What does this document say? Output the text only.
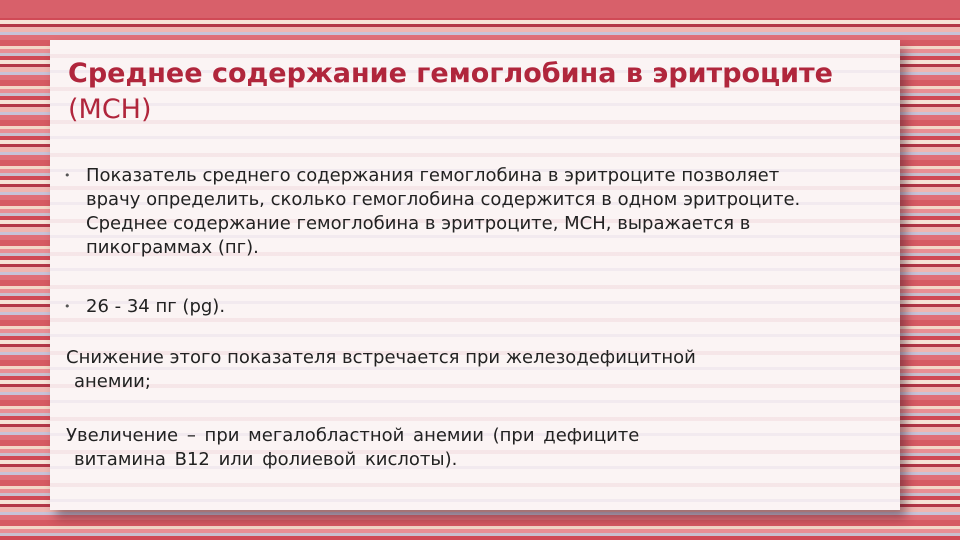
Среднее содержание гемоглобина в эритроците (МСН)
• Показатель среднего содержания гемоглобина в эритроците позволяет врачу определить, сколько гемоглобина содержится в одном эритроците. Среднее содержание гемоглобина в эритроците, МСН, выражается в пикограммах (пг).
• 26 - 34 пг (pg).

Снижение этого показателя встречается при железодефицитной
анемии;

Увеличение – при мегалобластной анемии (при дефиците
витамина В12 или фолиевой кислоты).
